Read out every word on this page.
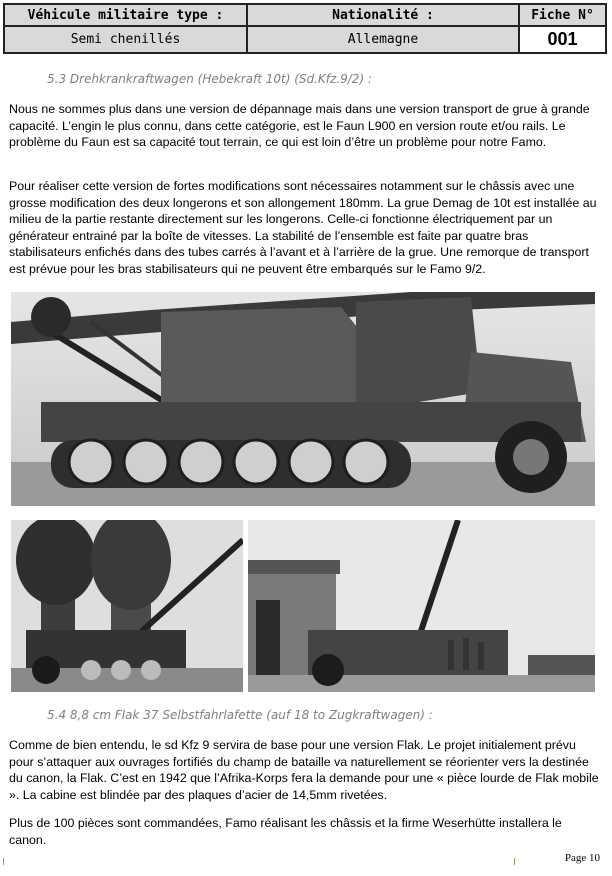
Véhicule militaire type :	Nationalité :	Fiche N°
Semi chenillés	Allemagne	001
5.3 Drehkrankraftwagen (Hebekraft 10t) (Sd.Kfz.9/2) :

Nous ne sommes plus dans une version de dépannage mais dans une version transport de grue à grande capacité. L’engin le plus connu, dans cette catégorie, est le Faun L900 en version route et/ou rails. Le problème du Faun est sa capacité tout terrain, ce qui est loin d’être un problème pour notre Famo.

Pour réaliser cette version de fortes modifications sont nécessaires notamment sur le châssis avec une grosse modification des deux longerons et son allongement 180mm. La grue Demag de 10t est installée au milieu de la partie restante directement sur les longerons. Celle-ci fonctionne électriquement par un générateur entrainé par la boîte de vitesses. La stabilité de l’ensemble est faite par quatre bras stabilisateurs enfichés dans des tubes carrés à l’avant et à l’arrière de la grue. Une remorque de transport est prévue pour les bras stabilisateurs qui ne peuvent être embarqués sur le Famo 9/2.

5.4 8,8 cm Flak 37 Selbstfahrlafette (auf 18 to Zugkraftwagen) :

Comme de bien entendu, le sd Kfz 9 servira de base pour une version Flak. Le projet initialement prévu pour s’attaquer aux ouvrages fortifiés du champ de bataille va naturellement se réorienter vers la destinée du canon, la Flak. C’est en 1942 que l’Afrika-Korps fera la demande pour une « pièce lourde de Flak mobile ». La cabine est blindée par des plaques d’acier de 14,5mm rivetées.

Plus de 100 pièces sont commandées, Famo réalisant les châssis et la firme Weserhütte installera le canon.

Page 10
